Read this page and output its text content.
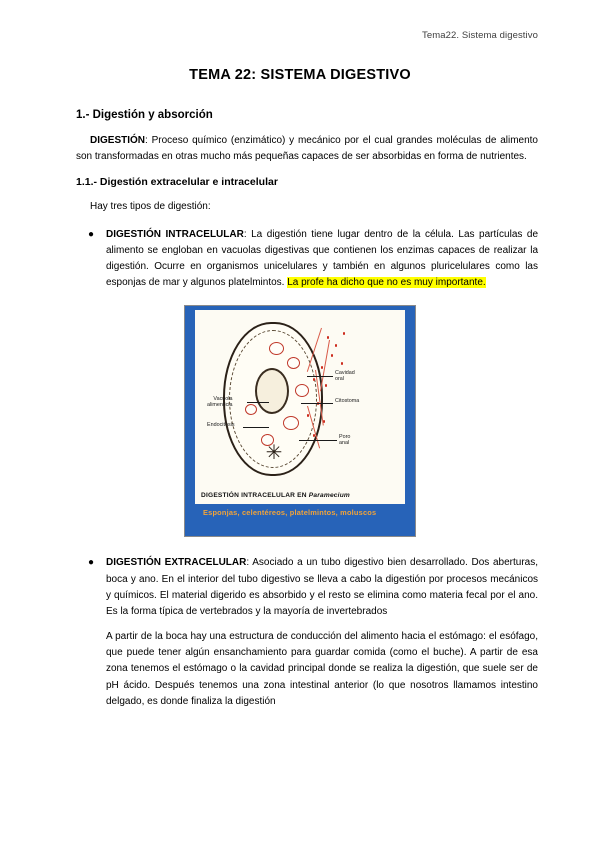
Tema22. Sistema digestivo
TEMA 22: SISTEMA DIGESTIVO
1.- Digestión y absorción

DIGESTIÓN: Proceso químico (enzimático) y mecánico por el cual grandes moléculas de alimento son transformadas en otras mucho más pequeñas capaces de ser absorbidas en forma de nutrientes.

1.1.- Digestión extracelular e intracelular

Hay tres tipos de digestión:

●	DIGESTIÓN INTRACELULAR: La digestión tiene lugar dentro de la célula. Las partículas de alimento se engloban en vacuolas digestivas que contienen los enzimas capaces de realizar la digestión. Ocurre en organismos unicelulares y también en algunos pluricelulares como las esponjas de mar y algunos platelmintos. La profe ha dicho que no es muy importante.
✳
Cavidad
oral
Citostoma
Poro
anal
Vacuola
alimenticia
Endocitosis
DIGESTIÓN INTRACELULAR EN Paramecium
Esponjas, celentéreos, platelmintos, moluscos
●	DIGESTIÓN EXTRACELULAR: Asociado a un tubo digestivo bien desarrollado. Dos aberturas, boca y ano. En el interior del tubo digestivo se lleva a cabo la digestión por procesos mecánicos y químicos. El material digerido es absorbido y el resto se elimina como materia fecal por el ano. Es la forma típica de vertebrados y la mayoría de invertebrados

A partir de la boca hay una estructura de conducción del alimento hacia el estómago: el esófago, que puede tener algún ensanchamiento para guardar comida (como el buche). A partir de esa zona tenemos el estómago o la cavidad principal donde se realiza la digestión, que suele ser de pH ácido. Después tenemos una zona intestinal anterior (lo que nosotros llamamos intestino delgado, es donde finaliza la digestión
